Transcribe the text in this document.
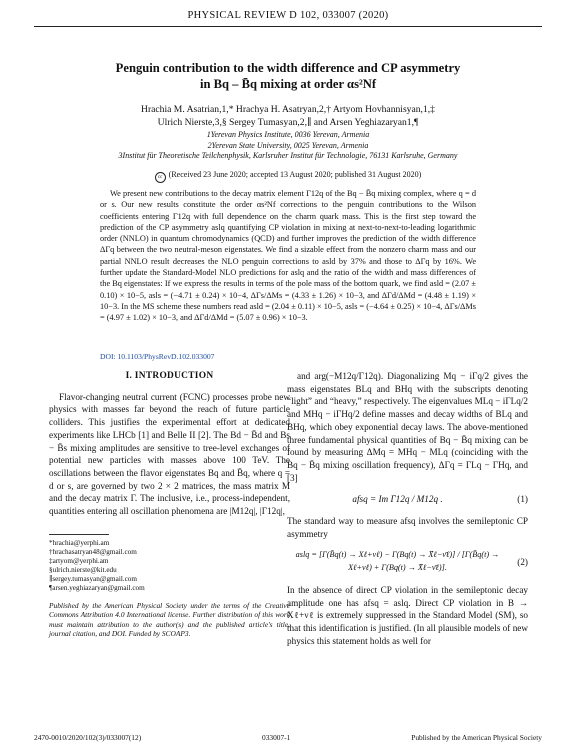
PHYSICAL REVIEW D 102, 033007 (2020)
Penguin contribution to the width difference and CP asymmetry
in Bq – B̄q mixing at order αs²Nf
Hrachia M. Asatrian,1,* Hrachya H. Asatryan,2,† Artyom Hovhannisyan,1,‡
Ulrich Nierste,3,§ Sergey Tumasyan,2,∥ and Arsen Yeghiazaryan1,¶
1Yerevan Physics Institute, 0036 Yerevan, Armenia
2Yerevan State University, 0025 Yerevan, Armenia
3Institut für Theoretische Teilchenphysik, Karlsruher Institut für Technologie, 76131 Karlsruhe, Germany
cc (Received 23 June 2020; accepted 13 August 2020; published 31 August 2020)
We present new contributions to the decay matrix element Γ12q of the Bq − B̄q mixing complex, where q = d or s. Our new results constitute the order αs²Nf corrections to the penguin contributions to the Wilson coefficients entering Γ12q with full dependence on the charm quark mass. This is the first step toward the prediction of the CP asymmetry aslq quantifying CP violation in mixing at next-to-next-to-leading logarithmic order (NNLO) in quantum chromodynamics (QCD) and further improves the prediction of the width difference ΔΓq between the two neutral-meson eigenstates. We find a sizable effect from the nonzero charm mass and our partial NNLO result decreases the NLO penguin corrections to asld by 37% and those to ΔΓq by 16%. We further update the Standard-Model NLO predictions for aslq and the ratio of the width and mass differences of the Bq eigenstates: If we express the results in terms of the pole mass of the bottom quark, we find asld = (2.07 ± 0.10) × 10−5, asls = (−4.71 ± 0.24) × 10−4, ΔΓs/ΔMs = (4.33 ± 1.26) × 10−3, and ΔΓd/ΔMd = (4.48 ± 1.19) × 10−3. In the MS scheme these numbers read asld = (2.04 ± 0.11) × 10−5, asls = (−4.64 ± 0.25) × 10−4, ΔΓs/ΔMs = (4.97 ± 1.02) × 10−3, and ΔΓd/ΔMd = (5.07 ± 0.96) × 10−3.
DOI: 10.1103/PhysRevD.102.033007
I. INTRODUCTION

Flavor-changing neutral current (FCNC) processes probe new physics with masses far beyond the reach of future particle colliders. This justifies the experimental effort at dedicated experiments like LHCb [1] and Belle II [2]. The Bd − B̄d and Bs − B̄s mixing amplitudes are sensitive to tree-level exchanges of potential new particles with masses above 100 TeV. The oscillations between the flavor eigenstates Bq and B̄q, where q = d or s, are governed by two 2 × 2 matrices, the mass matrix M and the decay matrix Γ. The inclusive, i.e., process-independent, quantities entering all oscillation phenomena are |M12q|, |Γ12q|,

*hrachia@yerphi.am
†hrachasatryan48@gmail.com
‡artyom@yerphi.am
§ulrich.nierste@kit.edu
∥sergey.tumasyan@gmail.com
¶arsen.yeghiazaryan@gmail.com
Published by the American Physical Society under the terms of the Creative Commons Attribution 4.0 International license. Further distribution of this work must maintain attribution to the author(s) and the published article's title, journal citation, and DOI. Funded by SCOAP3.

and arg(−M12q/Γ12q). Diagonalizing Mq − iΓq/2 gives the mass eigenstates BLq and BHq with the subscripts denoting “light” and “heavy,” respectively. The eigenvalues MLq − iΓLq/2 and MHq − iΓHq/2 define masses and decay widths of BLq and BHq, which obey exponential decay laws. The above-mentioned three fundamental physical quantities of Bq − B̄q mixing can be found by measuring ΔMq = MHq − MLq (coinciding with the Bq − B̄q mixing oscillation frequency), ΔΓq = ΓLq − ΓHq, and [3]

afsq = Im Γ12q / M12q .	(1)

The standard way to measure afsq involves the semileptonic CP asymmetry

aslq = [Γ(B̄q(t) → Xℓ+νℓ) − Γ(Bq(t) → X̄ℓ−ν̄ℓ)] / [Γ(B̄q(t) → Xℓ+νℓ) + Γ(Bq(t) → X̄ℓ−ν̄ℓ)].
(2)

In the absence of direct CP violation in the semileptonic decay amplitude one has afsq = aslq. Direct CP violation in B → Xℓ+νℓ is extremely suppressed in the Standard Model (SM), so that this identification is justified. (In all plausible models of new physics this statement holds as well for

2470-0010/2020/102(3)/033007(12)	033007-1	Published by the American Physical Society
